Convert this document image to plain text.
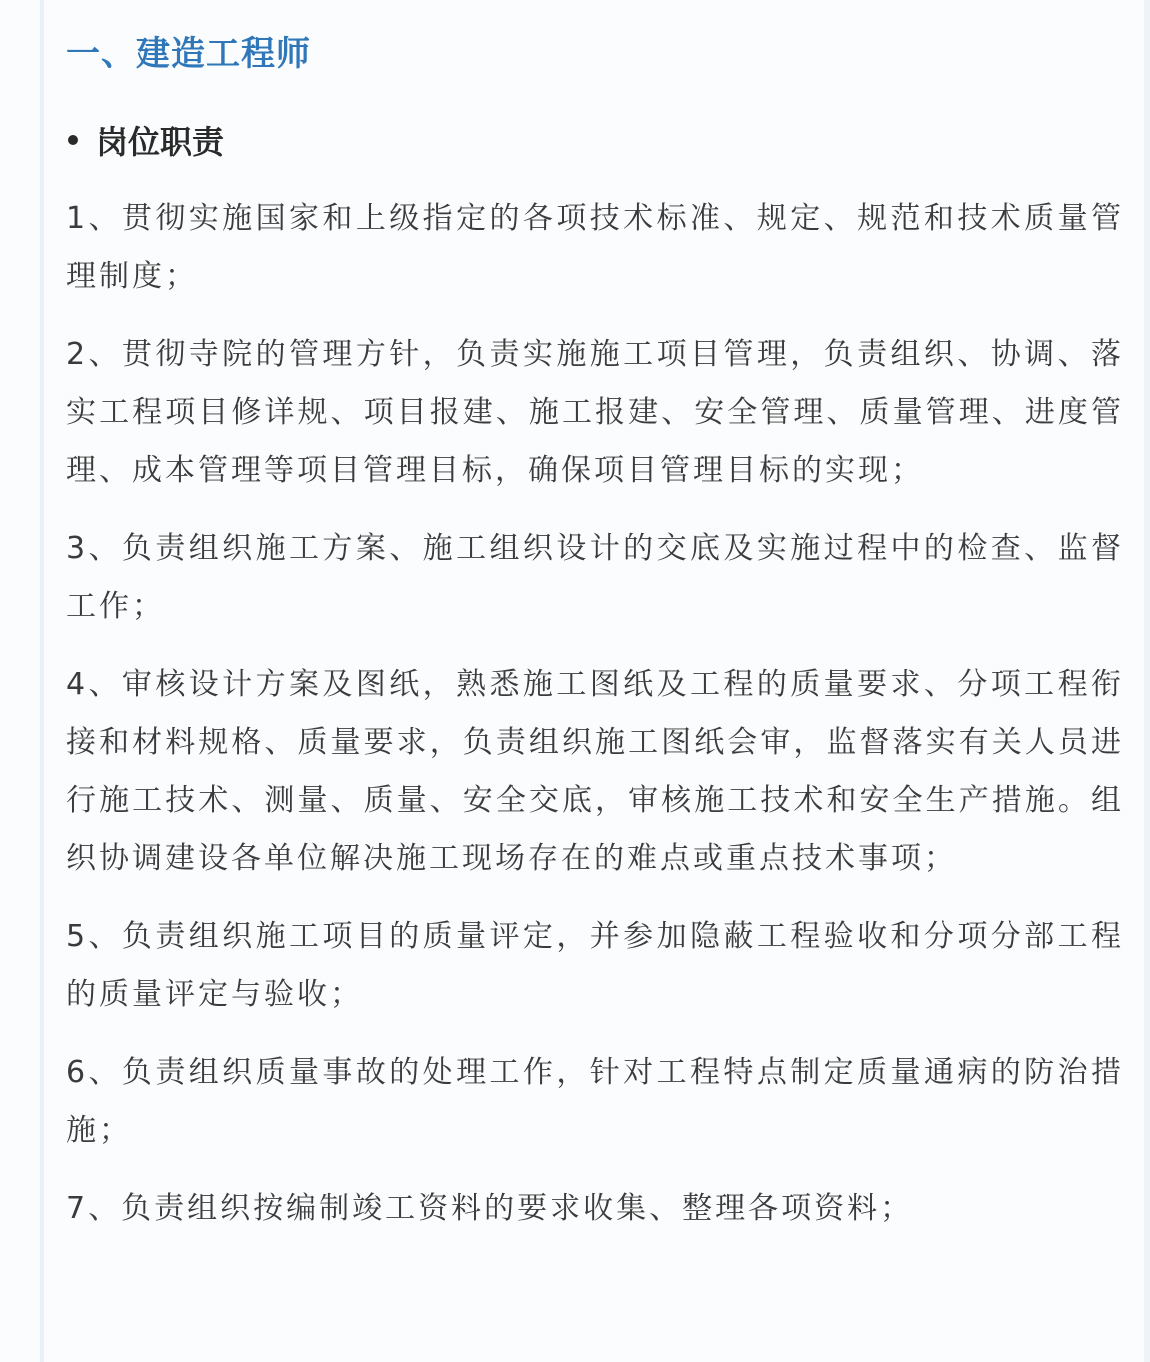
一、建造工程师
岗位职责
1、贯彻实施国家和上级指定的各项技术标准、规定、规范和技术质量管理制度；
2、贯彻寺院的管理方针，负责实施施工项目管理，负责组织、协调、落实工程项目修详规、项目报建、施工报建、安全管理、质量管理、进度管理、成本管理等项目管理目标，确保项目管理目标的实现；
3、负责组织施工方案、施工组织设计的交底及实施过程中的检查、监督工作；
4、审核设计方案及图纸，熟悉施工图纸及工程的质量要求、分项工程衔接和材料规格、质量要求，负责组织施工图纸会审，监督落实有关人员进行施工技术、测量、质量、安全交底，审核施工技术和安全生产措施。组织协调建设各单位解决施工现场存在的难点或重点技术事项；
5、负责组织施工项目的质量评定，并参加隐蔽工程验收和分项分部工程的质量评定与验收；
6、负责组织质量事故的处理工作，针对工程特点制定质量通病的防治措施；
7、负责组织按编制竣工资料的要求收集、整理各项资料；
